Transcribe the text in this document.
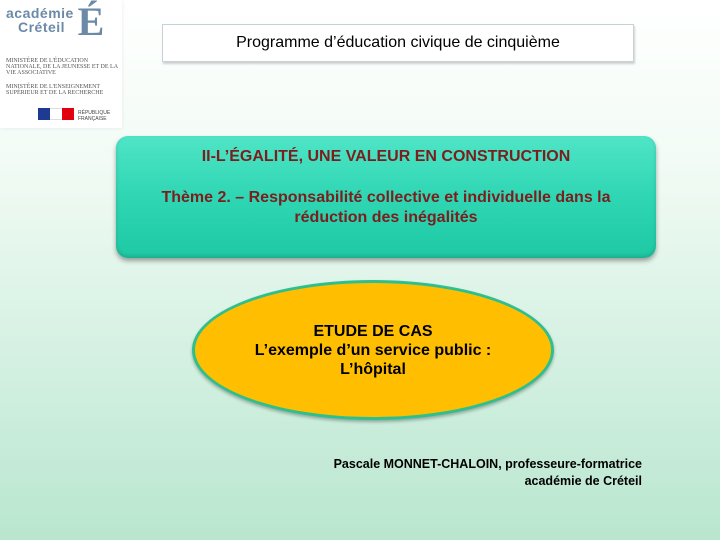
académie
Créteil É
MINISTÈRE DE L'ÉDUCATION NATIONALE, DE LA JEUNESSE ET DE LA VIE ASSOCIATIVE
MINISTÈRE DE L'ENSEIGNEMENT SUPÉRIEUR ET DE LA RECHERCHE
RÉPUBLIQUE FRANÇAISE
Programme d’éducation civique de cinquième
II-L’ÉGALITÉ, UNE VALEUR EN CONSTRUCTION
Thème 2. – Responsabilité collective et individuelle dans la
réduction des inégalités
ETUDE DE CAS
L’exemple d’un service public :
L’hôpital
Pascale MONNET-CHALOIN, professeure-formatrice
académie de Créteil
